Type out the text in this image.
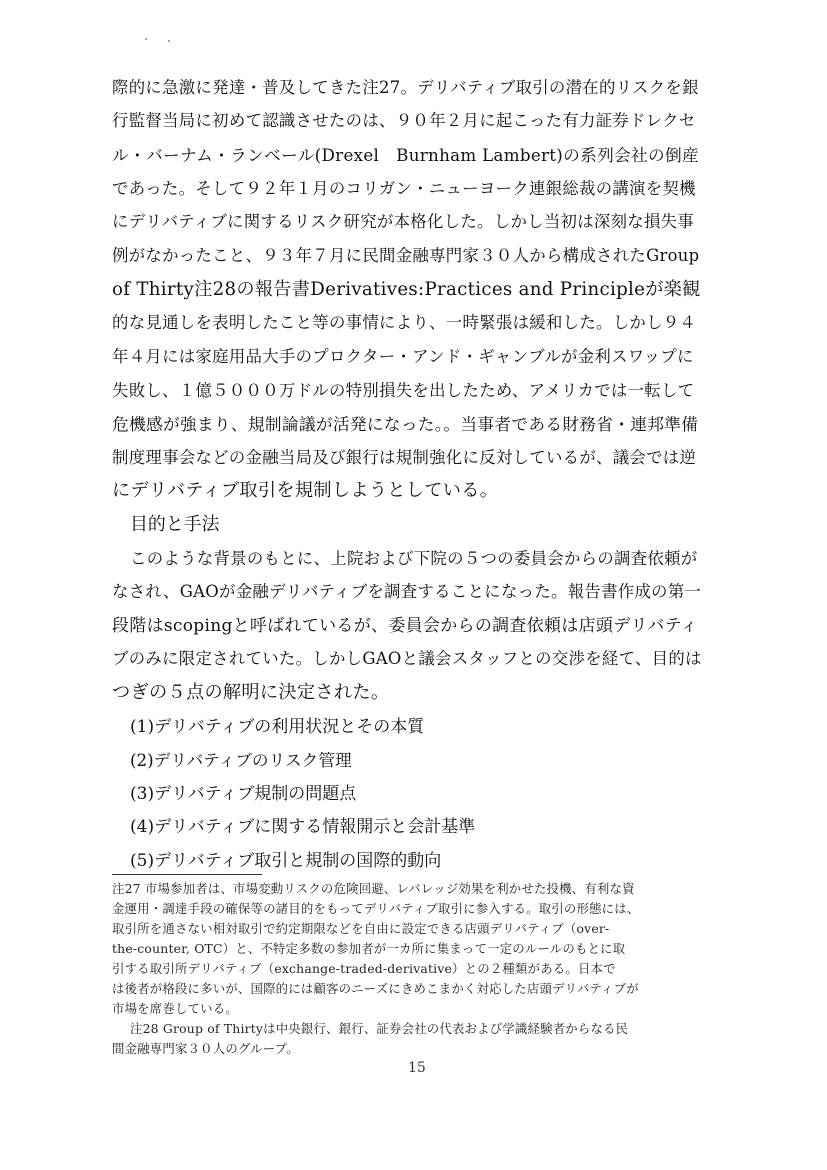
際的に急激に発達・普及してきた注27。デリバティブ取引の潜在的リスクを銀
行監督当局に初めて認識させたのは、９０年２月に起こった有力証券ドレクセ
ル・バーナム・ランベール(Drexel　Burnham Lambert)の系列会社の倒産
であった。そして９２年１月のコリガン・ニューヨーク連銀総裁の講演を契機
にデリバティブに関するリスク研究が本格化した。しかし当初は深刻な損失事
例がなかったこと、９３年７月に民間金融専門家３０人から構成されたGroup
of Thirty注28の報告書Derivatives:Practices and Principleが楽観
的な見通しを表明したこと等の事情により、一時緊張は緩和した。しかし９４
年４月には家庭用品大手のプロクター・アンド・ギャンブルが金利スワップに
失敗し、１億５０００万ドルの特別損失を出したため、アメリカでは一転して
危機感が強まり、規制論議が活発になった。。当事者である財務省・連邦準備
制度理事会などの金融当局及び銀行は規制強化に反対しているが、議会では逆
にデリバティブ取引を規制しようとしている。
目的と手法
このような背景のもとに、上院および下院の５つの委員会からの調査依頼が
なされ、GAOが金融デリバティブを調査することになった。報告書作成の第一
段階はscopingと呼ばれているが、委員会からの調査依頼は店頭デリバティ
ブのみに限定されていた。しかしGAOと議会スタッフとの交渉を経て、目的は
つぎの５点の解明に決定された。
(1)デリバティブの利用状況とその本質
(2)デリバティブのリスク管理
(3)デリバティブ規制の問題点
(4)デリバティブに関する情報開示と会計基準
(5)デリバティブ取引と規制の国際的動向
注27 市場参加者は、市場変動リスクの危険回避、レバレッジ効果を利かせた投機、有利な資
金運用・調達手段の確保等の諸目的をもってデリバティブ取引に参入する。取引の形態には、
取引所を通さない相対取引で約定期限などを自由に設定できる店頭デリバティブ（over-
the-counter, OTC）と、不特定多数の参加者が一カ所に集まって一定のルールのもとに取
引する取引所デリバティブ（exchange-traded-derivative）との２種類がある。日本で
は後者が格段に多いが、国際的には顧客のニーズにきめこまかく対応した店頭デリバティブが
市場を席巻している。
注28 Group of Thirtyは中央銀行、銀行、証券会社の代表および学識経験者からなる民
間金融専門家３０人のグループ。
15
